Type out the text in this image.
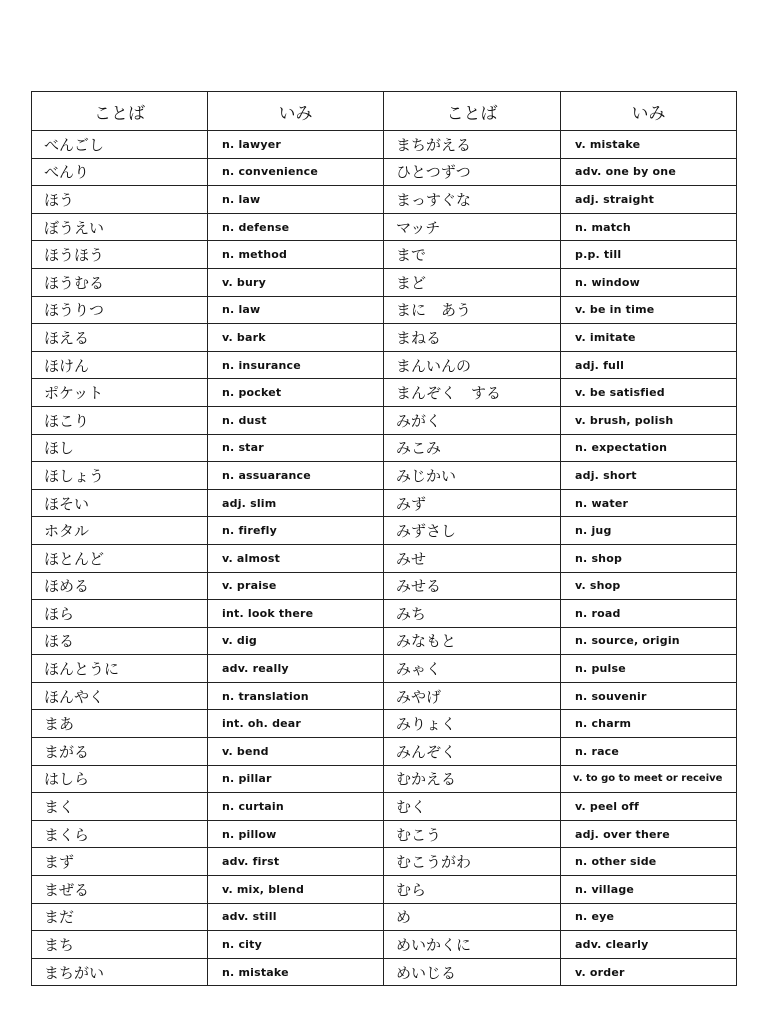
ことば	いみ	ことば	いみ
べんごし	n. lawyer	まちがえる	v. mistake
べんり	n. convenience	ひとつずつ	adv. one by one
ほう	n. law	まっすぐな	adj. straight
ぼうえい	n. defense	マッチ	n. match
ほうほう	n. method	まで	p.p. till
ほうむる	v. bury	まど	n. window
ほうりつ	n. law	まに　あう	v. be in time
ほえる	v. bark	まねる	v. imitate
ほけん	n. insurance	まんいんの	adj. full
ポケット	n. pocket	まんぞく　する	v. be satisfied
ほこり	n. dust	みがく	v. brush, polish
ほし	n. star	みこみ	n. expectation
ほしょう	n. assuarance	みじかい	adj. short
ほそい	adj. slim	みず	n. water
ホタル	n. firefly	みずさし	n. jug
ほとんど	v. almost	みせ	n. shop
ほめる	v. praise	みせる	v. shop
ほら	int. look there	みち	n. road
ほる	v. dig	みなもと	n. source, origin
ほんとうに	adv. really	みゃく	n. pulse
ほんやく	n. translation	みやげ	n. souvenir
まあ	int. oh. dear	みりょく	n. charm
まがる	v. bend	みんぞく	n. race
はしら	n. pillar	むかえる	v. to go to meet or receive
まく	n. curtain	むく	v. peel off
まくら	n. pillow	むこう	adj. over there
まず	adv. first	むこうがわ	n. other side
まぜる	v. mix, blend	むら	n. village
まだ	adv. still	め	n. eye
まち	n. city	めいかくに	adv. clearly
まちがい	n. mistake	めいじる	v. order
